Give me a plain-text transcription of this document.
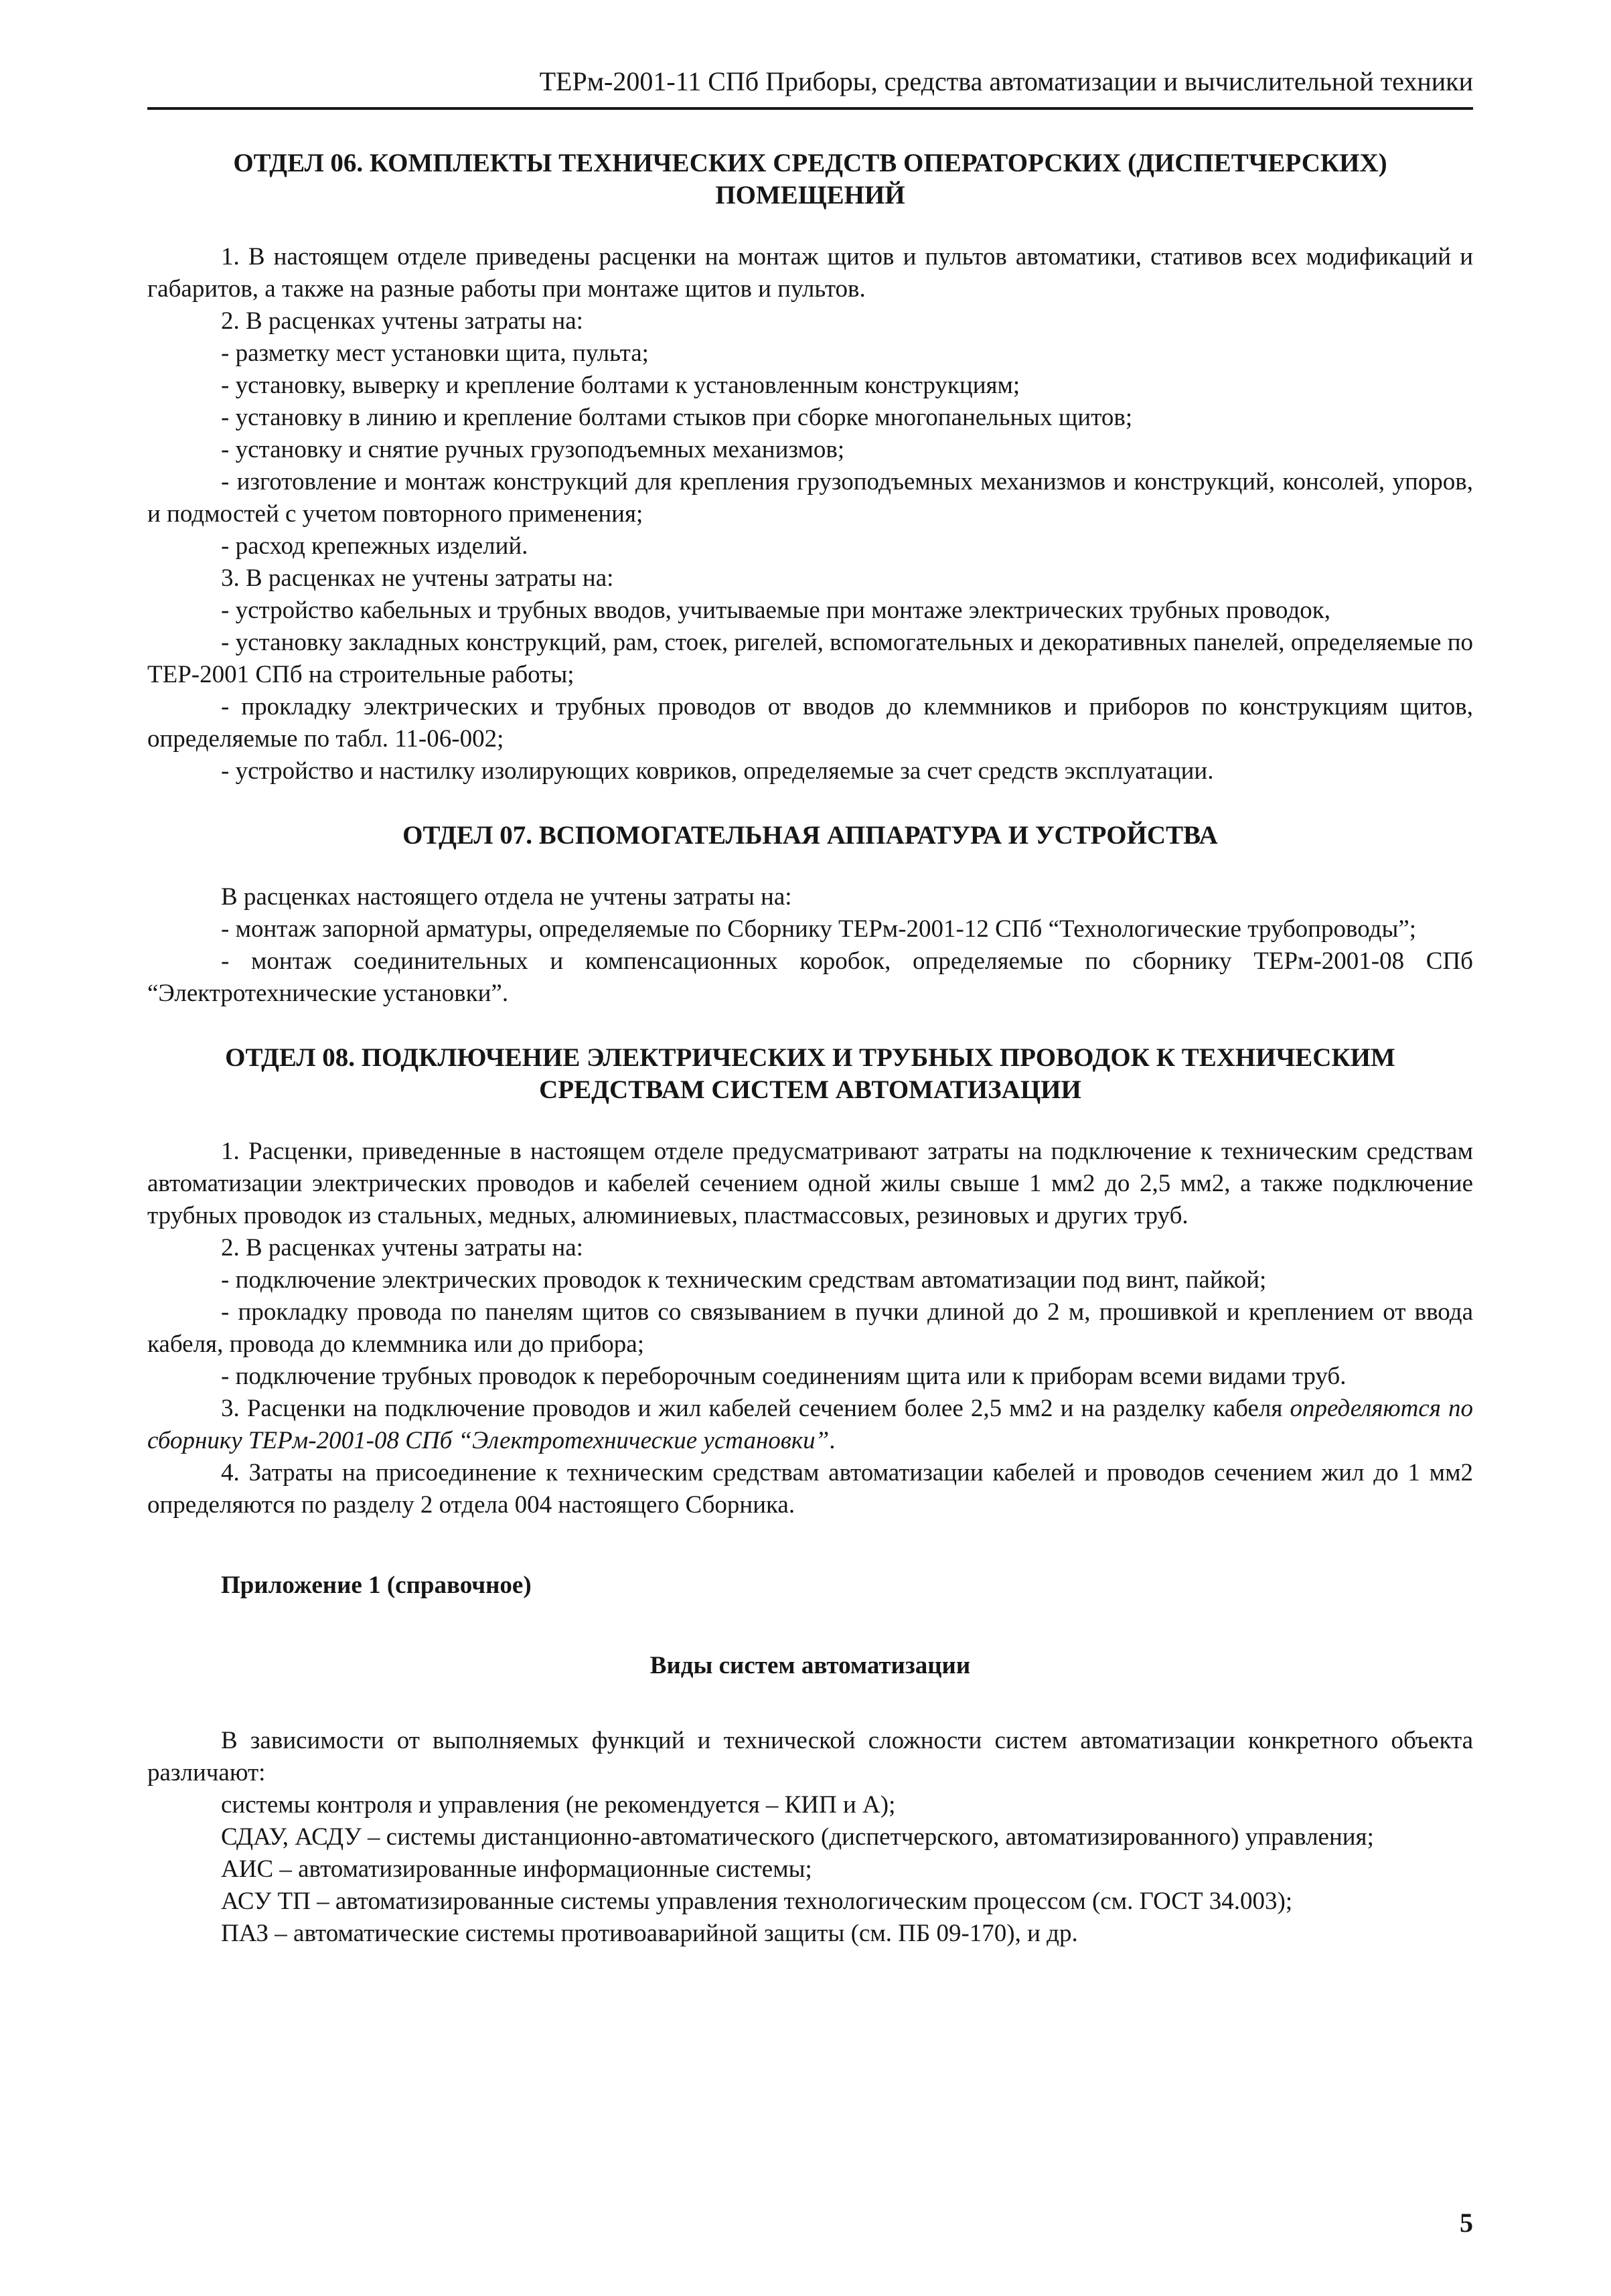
ТЕРм-2001-11 СПб Приборы, средства автоматизации и вычислительной техники
ОТДЕЛ 06. КОМПЛЕКТЫ ТЕХНИЧЕСКИХ СРЕДСТВ ОПЕРАТОРСКИХ (ДИСПЕТЧЕРСКИХ) ПОМЕЩЕНИЙ

1. В настоящем отделе приведены расценки на монтаж щитов и пультов автоматики, стативов всех модификаций и габаритов, а также на разные работы при монтаже щитов и пультов.

2. В расценках учтены затраты на:

- разметку мест установки щита, пульта;

- установку, выверку и крепление болтами к установленным конструкциям;

- установку в линию и крепление болтами стыков при сборке многопанельных щитов;

- установку и снятие ручных грузоподъемных механизмов;

- изготовление и монтаж конструкций для крепления грузоподъемных механизмов и конструкций, консолей, упоров, и подмостей с учетом повторного применения;

- расход крепежных изделий.

3. В расценках не учтены затраты на:

- устройство кабельных и трубных вводов, учитываемые при монтаже электрических трубных проводок,

- установку закладных конструкций, рам, стоек, ригелей, вспомогательных и декоративных панелей, определяемые по ТЕР-2001 СПб на строительные работы;

- прокладку электрических и трубных проводов от вводов до клеммников и приборов по конструкциям щитов, определяемые по табл. 11-06-002;

- устройство и настилку изолирующих ковриков, определяемые за счет средств эксплуатации.

ОТДЕЛ 07. ВСПОМОГАТЕЛЬНАЯ АППАРАТУРА И УСТРОЙСТВА

В расценках настоящего отдела не учтены затраты на:

- монтаж запорной арматуры, определяемые по Сборнику ТЕРм-2001-12 СПб “Технологические трубопроводы”;

- монтаж соединительных и компенсационных коробок, определяемые по сборнику ТЕРм-2001-08 СПб “Электротехнические установки”.

ОТДЕЛ 08. ПОДКЛЮЧЕНИЕ ЭЛЕКТРИЧЕСКИХ И ТРУБНЫХ ПРОВОДОК К ТЕХНИЧЕСКИМ СРЕДСТВАМ СИСТЕМ АВТОМАТИЗАЦИИ

1. Расценки, приведенные в настоящем отделе предусматривают затраты на подключение к техническим средствам автоматизации электрических проводов и кабелей сечением одной жилы свыше 1 мм2 до 2,5 мм2, а также подключение трубных проводок из стальных, медных, алюминиевых, пластмассовых, резиновых и других труб.

2. В расценках учтены затраты на:

- подключение электрических проводок к техническим средствам автоматизации под винт, пайкой;

- прокладку провода по панелям щитов со связыванием в пучки длиной до 2 м, прошивкой и креплением от ввода кабеля, провода до клеммника или до прибора;

- подключение трубных проводок к переборочным соединениям щита или к приборам всеми видами труб.

3. Расценки на подключение проводов и жил кабелей сечением более 2,5 мм2 и на разделку кабеля определяются по сборнику ТЕРм-2001-08 СПб “Электротехнические установки”.

4. Затраты на присоединение к техническим средствам автоматизации кабелей и проводов сечением жил до 1 мм2 определяются по разделу 2 отдела 004 настоящего Сборника.

Приложение 1 (справочное)

Виды систем автоматизации

В зависимости от выполняемых функций и технической сложности систем автоматизации конкретного объекта различают:

системы контроля и управления (не рекомендуется – КИП и А);

СДАУ, АСДУ – системы дистанционно-автоматического (диспетчерского, автоматизированного) управления;

АИС – автоматизированные информационные системы;

АСУ ТП – автоматизированные системы управления технологическим процессом (см. ГОСТ 34.003);

ПАЗ – автоматические системы противоаварийной защиты (см. ПБ 09-170), и др.

5
